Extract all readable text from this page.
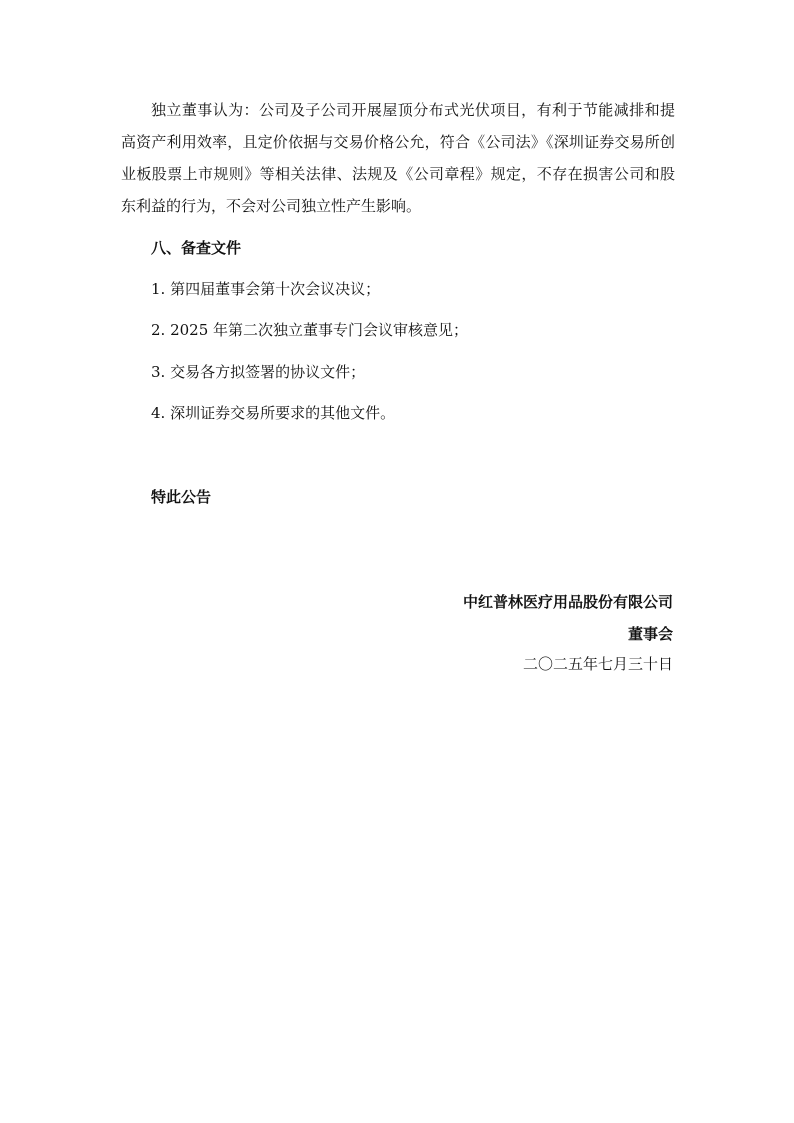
独立董事认为：公司及子公司开展屋顶分布式光伏项目，有利于节能减排和提高资产利用效率，且定价依据与交易价格公允，符合《公司法》《深圳证券交易所创业板股票上市规则》等相关法律、法规及《公司章程》规定，不存在损害公司和股东利益的行为，不会对公司独立性产生影响。

八、备查文件

1. 第四届董事会第十次会议决议；

2. 2025 年第二次独立董事专门会议审核意见；

3. 交易各方拟签署的协议文件；

4. 深圳证券交易所要求的其他文件。

特此公告

中红普林医疗用品股份有限公司

董事会

二〇二五年七月三十日
